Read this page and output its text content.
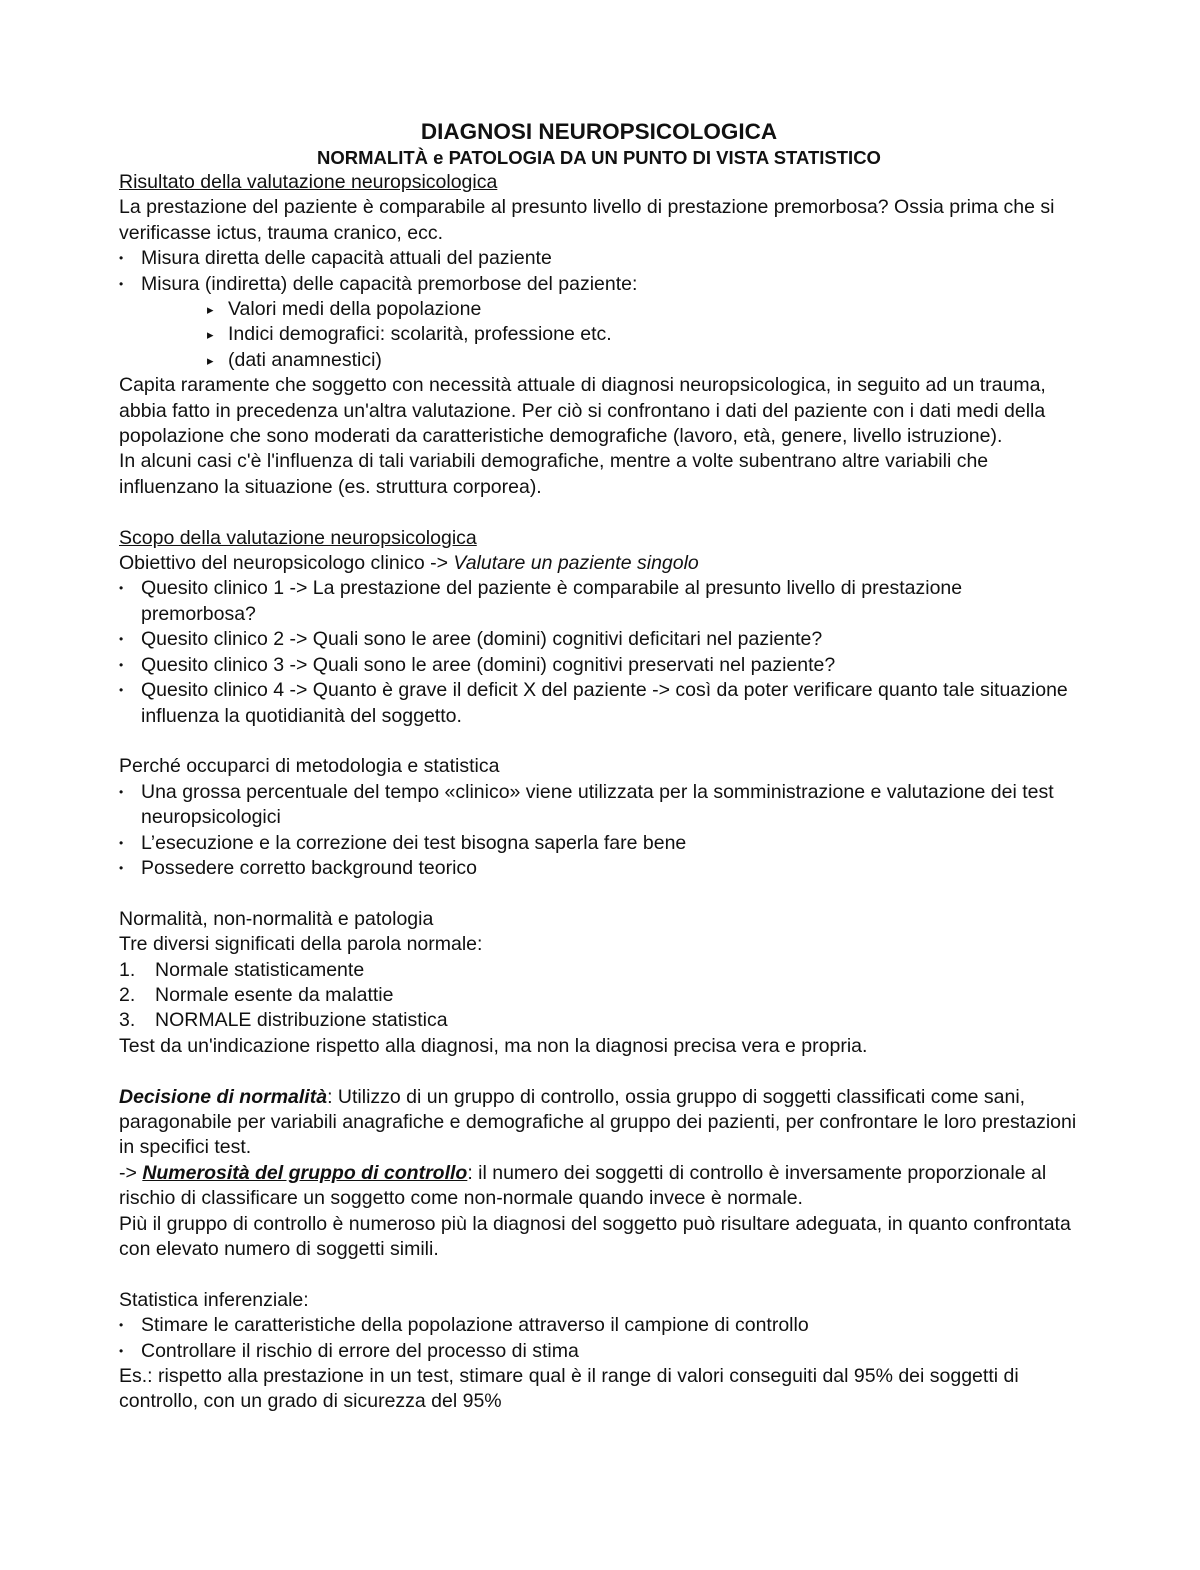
DIAGNOSI NEUROPSICOLOGICA

NORMALITÀ e PATOLOGIA DA UN PUNTO DI VISTA STATISTICO

Risultato della valutazione neuropsicologica

La prestazione del paziente è comparabile al presunto livello di prestazione premorbosa? Ossia prima che si verificasse ictus, trauma cranico, ecc.

• Misura diretta delle capacità attuali del paziente
• Misura (indiretta) delle capacità premorbose del paziente:
▸ Valori medi della popolazione
▸ Indici demografici: scolarità, professione etc.
▸ (dati anamnestici)

Capita raramente che soggetto con necessità attuale di diagnosi neuropsicologica, in seguito ad un trauma, abbia fatto in precedenza un'altra valutazione. Per ciò si confrontano i dati del paziente con i dati medi della popolazione che sono moderati da caratteristiche demografiche (lavoro, età, genere, livello istruzione).

In alcuni casi c'è l'influenza di tali variabili demografiche, mentre a volte subentrano altre variabili che influenzano la situazione (es. struttura corporea).

Scopo della valutazione neuropsicologica

Obiettivo del neuropsicologo clinico -> Valutare un paziente singolo

• Quesito clinico 1 -> La prestazione del paziente è comparabile al presunto livello di prestazione premorbosa?
• Quesito clinico 2 -> Quali sono le aree (domini) cognitivi deficitari nel paziente?
• Quesito clinico 3 -> Quali sono le aree (domini) cognitivi preservati nel paziente?
• Quesito clinico 4 -> Quanto è grave il deficit X del paziente -> così da poter verificare quanto tale situazione influenza la quotidianità del soggetto.

Perché occuparci di metodologia e statistica

• Una grossa percentuale del tempo «clinico» viene utilizzata per la somministrazione e valutazione dei test neuropsicologici
• L’esecuzione e la correzione dei test bisogna saperla fare bene
• Possedere corretto background teorico

Normalità, non-normalità e patologia

Tre diversi significati della parola normale:

1. Normale statisticamente
2. Normale esente da malattie
3. NORMALE distribuzione statistica

Test da un'indicazione rispetto alla diagnosi, ma non la diagnosi precisa vera e propria.

Decisione di normalità: Utilizzo di un gruppo di controllo, ossia gruppo di soggetti classificati come sani, paragonabile per variabili anagrafiche e demografiche al gruppo dei pazienti, per confrontare le loro prestazioni in specifici test.

-> Numerosità del gruppo di controllo: il numero dei soggetti di controllo è inversamente proporzionale al rischio di classificare un soggetto come non-normale quando invece è normale.

Più il gruppo di controllo è numeroso più la diagnosi del soggetto può risultare adeguata, in quanto confrontata con elevato numero di soggetti simili.

Statistica inferenziale:

• Stimare le caratteristiche della popolazione attraverso il campione di controllo
• Controllare il rischio di errore del processo di stima

Es.: rispetto alla prestazione in un test, stimare qual è il range di valori conseguiti dal 95% dei soggetti di controllo, con un grado di sicurezza del 95%
